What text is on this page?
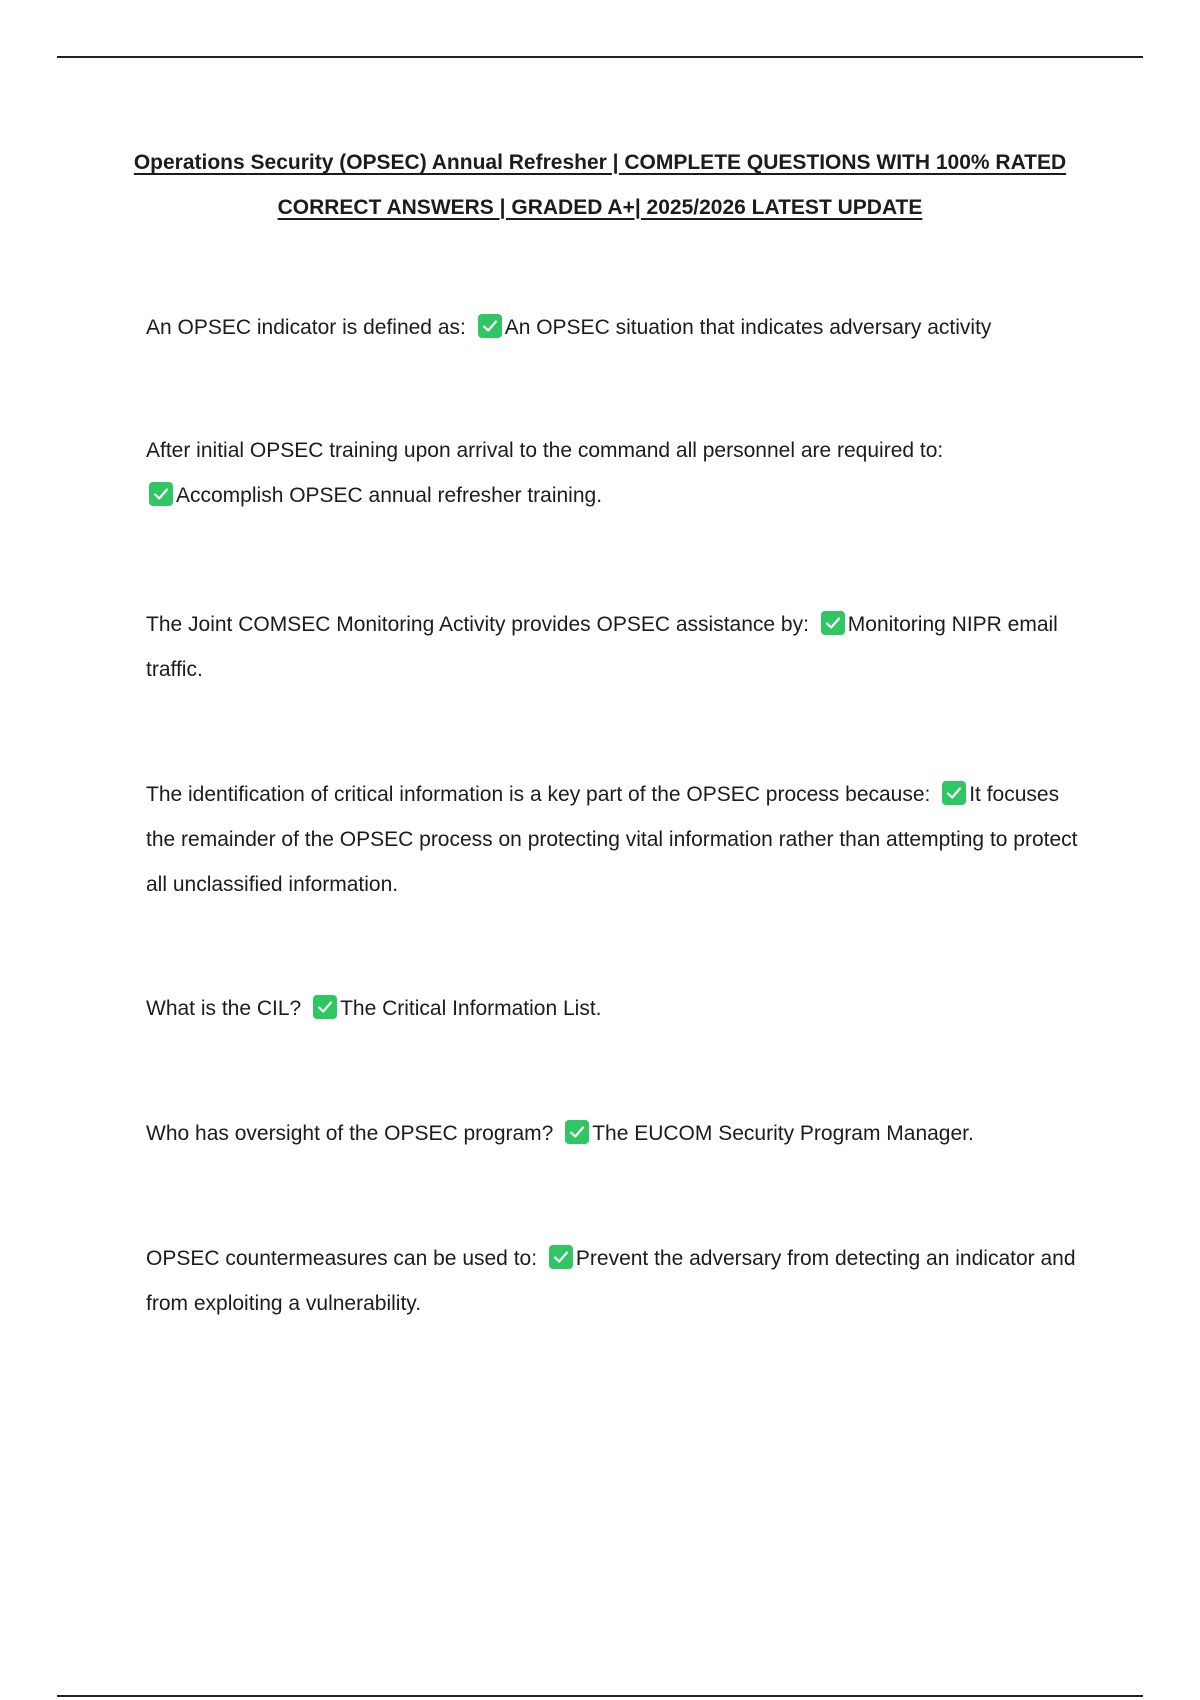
Operations Security (OPSEC) Annual Refresher | COMPLETE QUESTIONS WITH 100% RATED
CORRECT ANSWERS | GRADED A+| 2025/2026 LATEST UPDATE

An OPSEC indicator is defined as: An OPSEC situation that indicates adversary activity

After initial OPSEC training upon arrival to the command all personnel are required to:

Accomplish OPSEC annual refresher training.

The Joint COMSEC Monitoring Activity provides OPSEC assistance by: Monitoring NIPR email traffic.

The identification of critical information is a key part of the OPSEC process because: It focuses the remainder of the OPSEC process on protecting vital information rather than attempting to protect all unclassified information.

What is the CIL? The Critical Information List.

Who has oversight of the OPSEC program? The EUCOM Security Program Manager.

OPSEC countermeasures can be used to: Prevent the adversary from detecting an indicator and from exploiting a vulnerability.
